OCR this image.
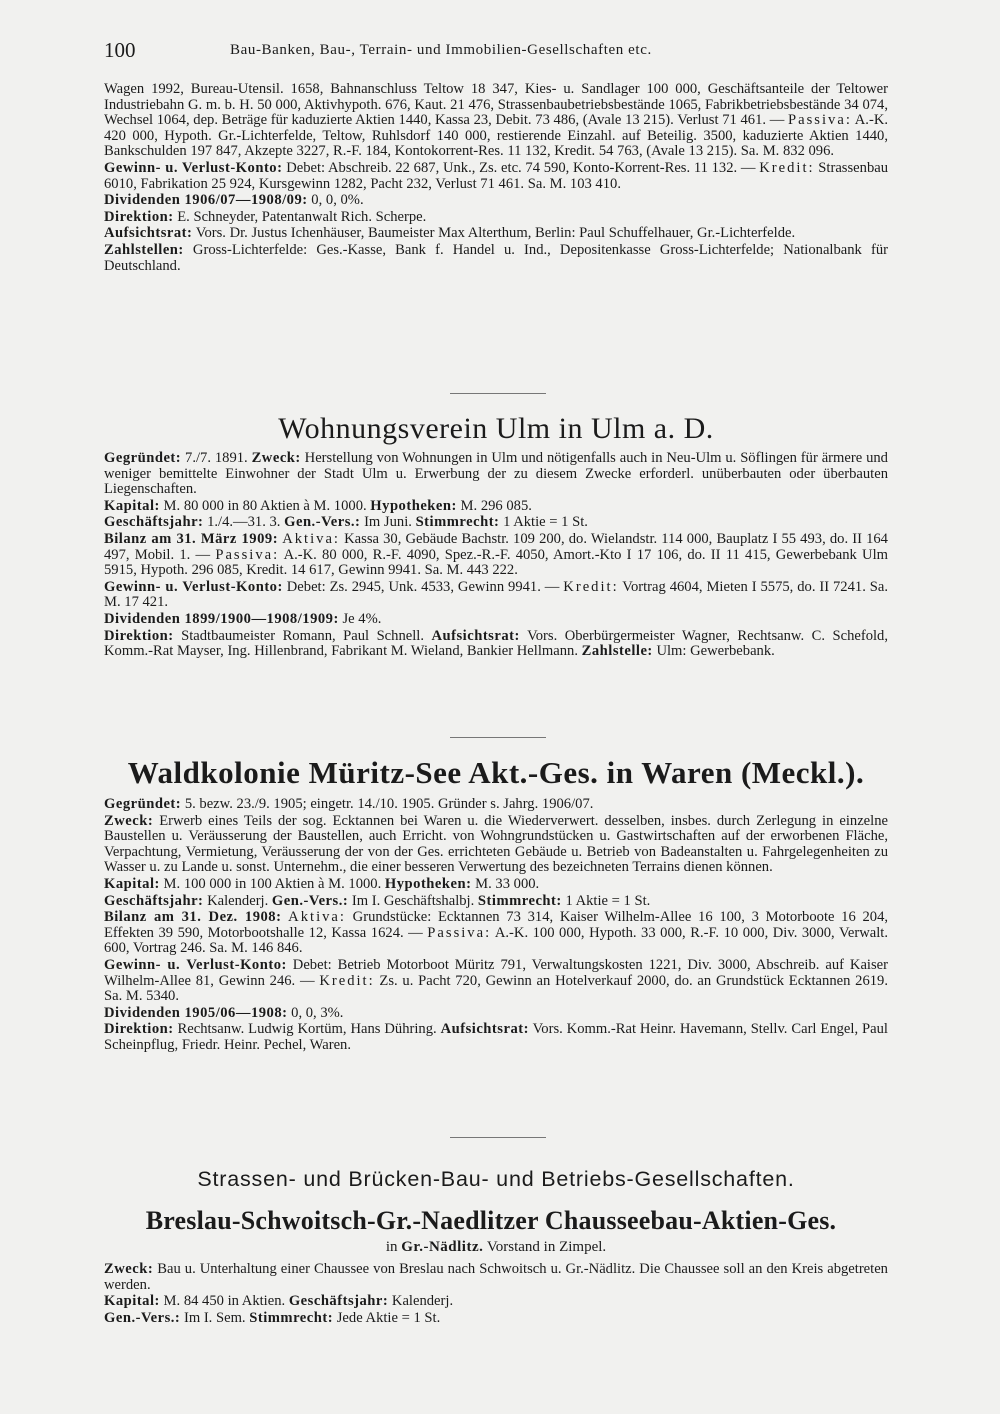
100	Bau-Banken, Bau-, Terrain- und Immobilien-Gesellschaften etc.

Wagen 1992, Bureau-Utensil. 1658, Bahnanschluss Teltow 18 347, Kies- u. Sandlager 100 000, Geschäftsanteile der Teltower Industriebahn G. m. b. H. 50 000, Aktivhypoth. 676, Kaut. 21 476, Strassenbaubetriebsbestände 1065, Fabrikbetriebsbestände 34 074, Wechsel 1064, dep. Beträge für kaduzierte Aktien 1440, Kassa 23, Debit. 73 486, (Avale 13 215). Verlust 71 461. — Passiva: A.-K. 420 000, Hypoth. Gr.-Lichterfelde, Teltow, Ruhlsdorf 140 000, restierende Einzahl. auf Beteilig. 3500, kaduzierte Aktien 1440, Bankschulden 197 847, Akzepte 3227, R.-F. 184, Kontokorrent-Res. 11 132, Kredit. 54 763, (Avale 13 215). Sa. M. 832 096.

Gewinn- u. Verlust-Konto: Debet: Abschreib. 22 687, Unk., Zs. etc. 74 590, Konto-Korrent-Res. 11 132. — Kredit: Strassenbau 6010, Fabrikation 25 924, Kursgewinn 1282, Pacht 232, Verlust 71 461. Sa. M. 103 410.

Dividenden 1906/07—1908/09: 0, 0, 0%.

Direktion: E. Schneyder, Patentanwalt Rich. Scherpe.

Aufsichtsrat: Vors. Dr. Justus Ichenhäuser, Baumeister Max Alterthum, Berlin: Paul Schuffelhauer, Gr.-Lichterfelde.

Zahlstellen: Gross-Lichterfelde: Ges.-Kasse, Bank f. Handel u. Ind., Depositenkasse Gross-Lichterfelde; Nationalbank für Deutschland.

Wohnungsverein Ulm in Ulm a. D.

Gegründet: 7./7. 1891. Zweck: Herstellung von Wohnungen in Ulm und nötigenfalls auch in Neu-Ulm u. Söflingen für ärmere und weniger bemittelte Einwohner der Stadt Ulm u. Erwerbung der zu diesem Zwecke erforderl. unüberbauten oder überbauten Liegenschaften.

Kapital: M. 80 000 in 80 Aktien à M. 1000. Hypotheken: M. 296 085.

Geschäftsjahr: 1./4.—31. 3. Gen.-Vers.: Im Juni. Stimmrecht: 1 Aktie = 1 St.

Bilanz am 31. März 1909: Aktiva: Kassa 30, Gebäude Bachstr. 109 200, do. Wielandstr. 114 000, Bauplatz I 55 493, do. II 164 497, Mobil. 1. — Passiva: A.-K. 80 000, R.-F. 4090, Spez.-R.-F. 4050, Amort.-Kto I 17 106, do. II 11 415, Gewerbebank Ulm 5915, Hypoth. 296 085, Kredit. 14 617, Gewinn 9941. Sa. M. 443 222.

Gewinn- u. Verlust-Konto: Debet: Zs. 2945, Unk. 4533, Gewinn 9941. — Kredit: Vortrag 4604, Mieten I 5575, do. II 7241. Sa. M. 17 421.

Dividenden 1899/1900—1908/1909: Je 4%.

Direktion: Stadtbaumeister Romann, Paul Schnell. Aufsichtsrat: Vors. Oberbürgermeister Wagner, Rechtsanw. C. Schefold, Komm.-Rat Mayser, Ing. Hillenbrand, Fabrikant M. Wieland, Bankier Hellmann. Zahlstelle: Ulm: Gewerbebank.

Waldkolonie Müritz-See Akt.-Ges. in Waren (Meckl.).

Gegründet: 5. bezw. 23./9. 1905; eingetr. 14./10. 1905. Gründer s. Jahrg. 1906/07.

Zweck: Erwerb eines Teils der sog. Ecktannen bei Waren u. die Wiederverwert. desselben, insbes. durch Zerlegung in einzelne Baustellen u. Veräusserung der Baustellen, auch Erricht. von Wohngrundstücken u. Gastwirtschaften auf der erworbenen Fläche, Verpachtung, Vermietung, Veräusserung der von der Ges. errichteten Gebäude u. Betrieb von Badeanstalten u. Fahrgelegenheiten zu Wasser u. zu Lande u. sonst. Unternehm., die einer besseren Verwertung des bezeichneten Terrains dienen können.

Kapital: M. 100 000 in 100 Aktien à M. 1000. Hypotheken: M. 33 000.

Geschäftsjahr: Kalenderj. Gen.-Vers.: Im I. Geschäftshalbj. Stimmrecht: 1 Aktie = 1 St.

Bilanz am 31. Dez. 1908: Aktiva: Grundstücke: Ecktannen 73 314, Kaiser Wilhelm-Allee 16 100, 3 Motorboote 16 204, Effekten 39 590, Motorbootshalle 12, Kassa 1624. — Passiva: A.-K. 100 000, Hypoth. 33 000, R.-F. 10 000, Div. 3000, Verwalt. 600, Vortrag 246. Sa. M. 146 846.

Gewinn- u. Verlust-Konto: Debet: Betrieb Motorboot Müritz 791, Verwaltungskosten 1221, Div. 3000, Abschreib. auf Kaiser Wilhelm-Allee 81, Gewinn 246. — Kredit: Zs. u. Pacht 720, Gewinn an Hotelverkauf 2000, do. an Grundstück Ecktannen 2619. Sa. M. 5340.

Dividenden 1905/06—1908: 0, 0, 3%.

Direktion: Rechtsanw. Ludwig Kortüm, Hans Dühring. Aufsichtsrat: Vors. Komm.-Rat Heinr. Havemann, Stellv. Carl Engel, Paul Scheinpflug, Friedr. Heinr. Pechel, Waren.

Strassen- und Brücken-Bau- und Betriebs-Gesellschaften.
Breslau-Schwoitsch-Gr.-Naedlitzer Chausseebau-Aktien-Ges.
in Gr.-Nädlitz. Vorstand in Zimpel.

Zweck: Bau u. Unterhaltung einer Chaussee von Breslau nach Schwoitsch u. Gr.-Nädlitz. Die Chaussee soll an den Kreis abgetreten werden.

Kapital: M. 84 450 in Aktien. Geschäftsjahr: Kalenderj.

Gen.-Vers.: Im I. Sem. Stimmrecht: Jede Aktie = 1 St.
